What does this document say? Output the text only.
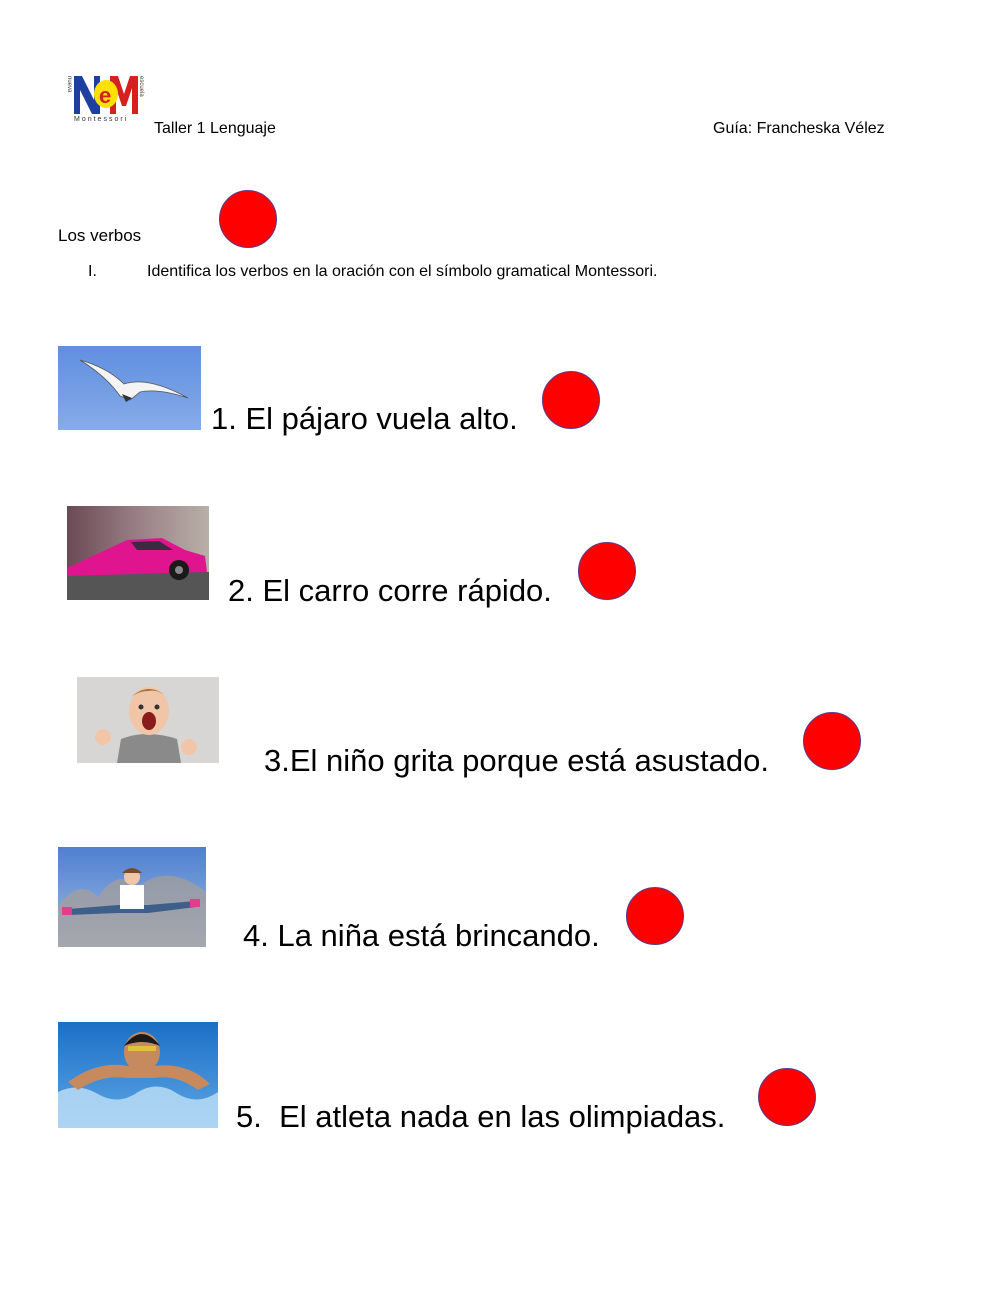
e
nueva	escuela
Montessori
Taller 1 Lenguaje	Guía: Francheska Vélez
Los verbos
I.	Identifica los verbos en la oración con el símbolo gramatical Montessori.
1. El pájaro vuela alto.
2. El carro corre rápido.
3.El niño grita porque está asustado.
4. La niña está brincando.
5.  El atleta nada en las olimpiadas.
